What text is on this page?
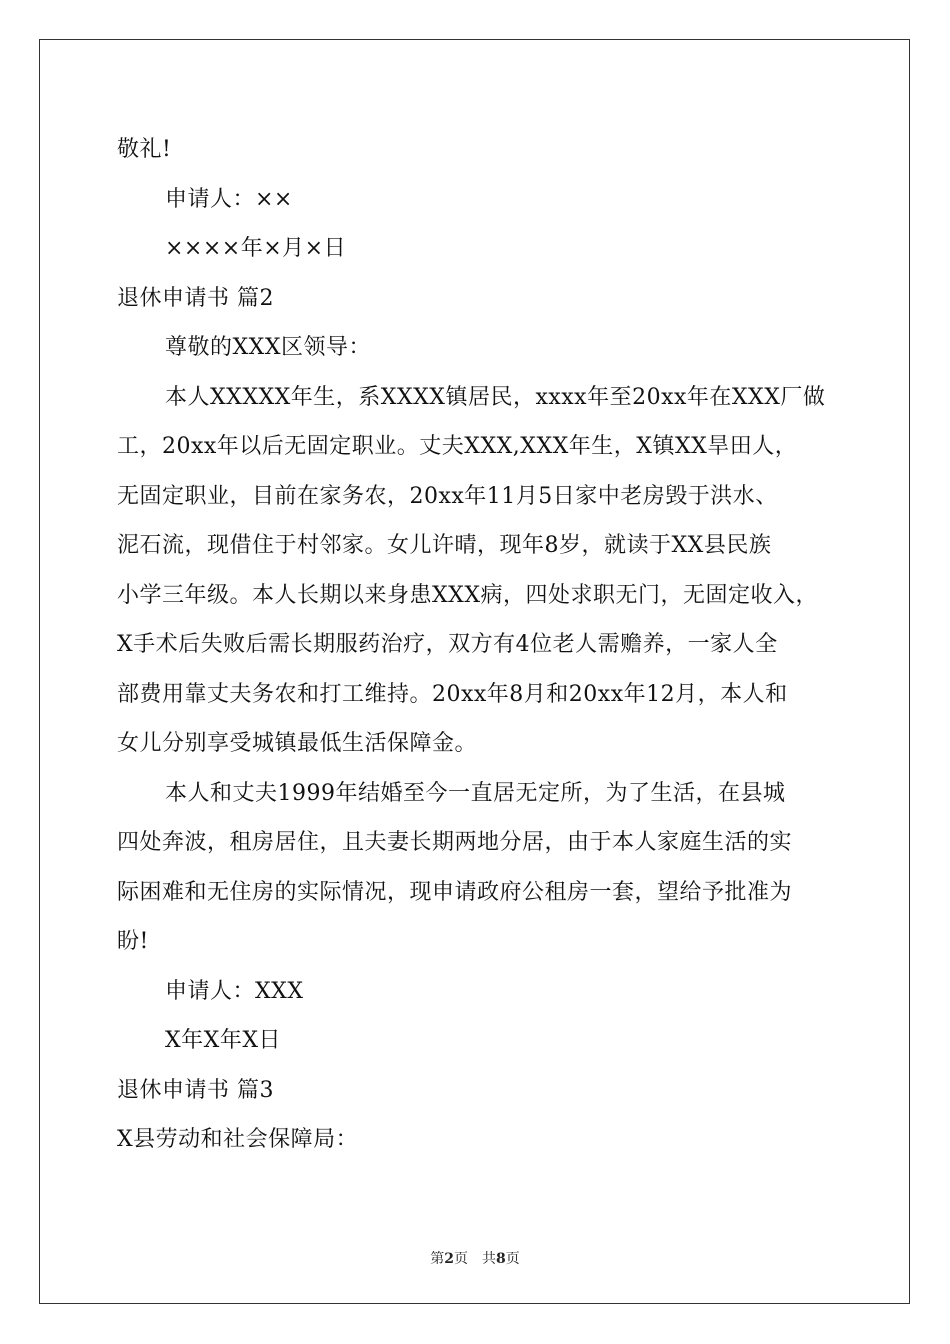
敬礼!
申请人：××
××××年×月×日
退休申请书 篇2
尊敬的XXX区领导：
本人XXXXX年生，系XXXX镇居民，xxxx年至20xx年在XXX厂做
工，20xx年以后无固定职业。丈夫XXX,XXX年生，X镇XX旱田人，
无固定职业，目前在家务农，20xx年11月5日家中老房毁于洪水、
泥石流，现借住于村邻家。女儿许晴，现年8岁，就读于XX县民族
小学三年级。本人长期以来身患XXX病，四处求职无门，无固定收入，
X手术后失败后需长期服药治疗，双方有4位老人需赡养，一家人全
部费用靠丈夫务农和打工维持。20xx年8月和20xx年12月，本人和
女儿分别享受城镇最低生活保障金。
本人和丈夫1999年结婚至今一直居无定所，为了生活，在县城
四处奔波，租房居住，且夫妻长期两地分居，由于本人家庭生活的实
际困难和无住房的实际情况，现申请政府公租房一套，望给予批准为
盼!
申请人：XXX
X年X年X日
退休申请书 篇3
X县劳动和社会保障局：
第2页　共8页
